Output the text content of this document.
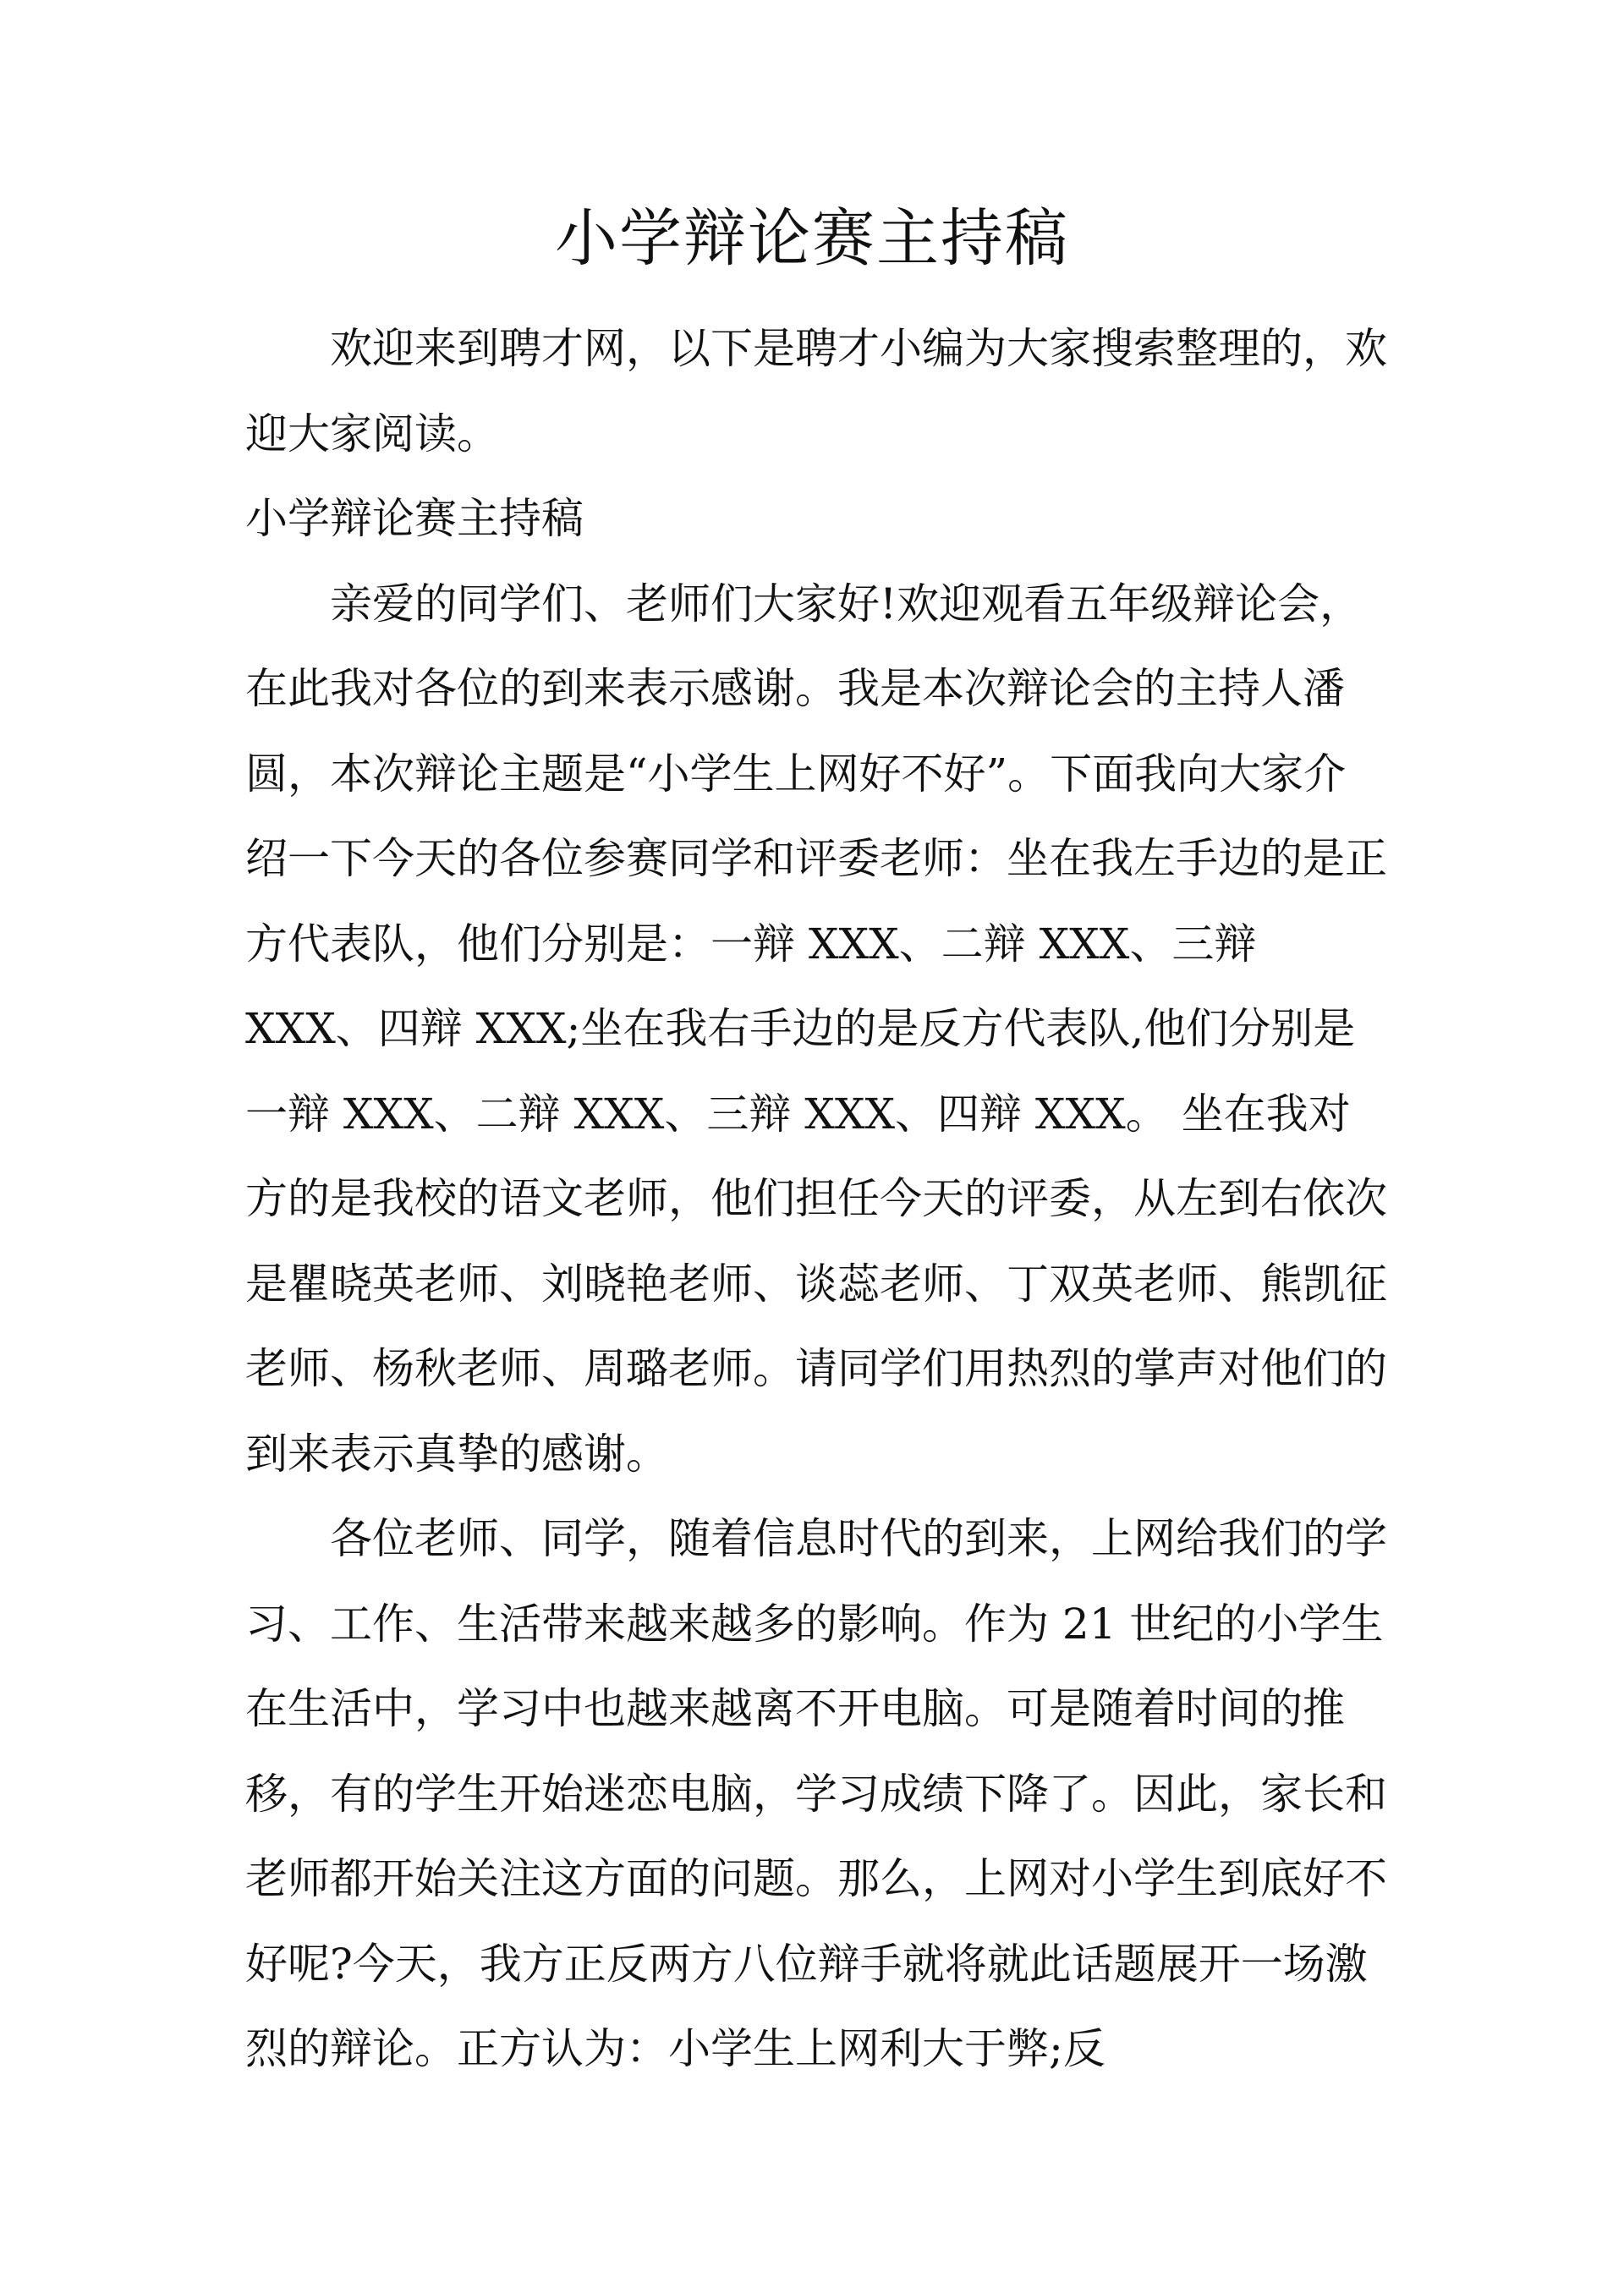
小学辩论赛主持稿

欢迎来到聘才网，以下是聘才小编为大家搜索整理的，欢迎大家阅读。

小学辩论赛主持稿

亲爱的同学们、老师们大家好!欢迎观看五年级辩论会，在此我对各位的到来表示感谢。我是本次辩论会的主持人潘圆，本次辩论主题是“小学生上网好不好”。下面我向大家介绍一下今天的各位参赛同学和评委老师：坐在我左手边的是正方代表队，他们分别是：一辩 XXX、二辩 XXX、三辩 XXX、四辩 XXX;坐在我右手边的是反方代表队,他们分别是一辩 XXX、二辩 XXX、三辩 XXX、四辩 XXX。 坐在我对方的是我校的语文老师，他们担任今天的评委，从左到右依次是瞿晓英老师、刘晓艳老师、谈蕊老师、丁双英老师、熊凯征老师、杨秋老师、周璐老师。请同学们用热烈的掌声对他们的到来表示真挚的感谢。

各位老师、同学，随着信息时代的到来，上网给我们的学习、工作、生活带来越来越多的影响。作为 21 世纪的小学生在生活中，学习中也越来越离不开电脑。可是随着时间的推移，有的学生开始迷恋电脑，学习成绩下降了。因此，家长和老师都开始关注这方面的问题。那么，上网对小学生到底好不好呢?今天，我方正反两方八位辩手就将就此话题展开一场激烈的辩论。正方认为：小学生上网利大于弊;反
